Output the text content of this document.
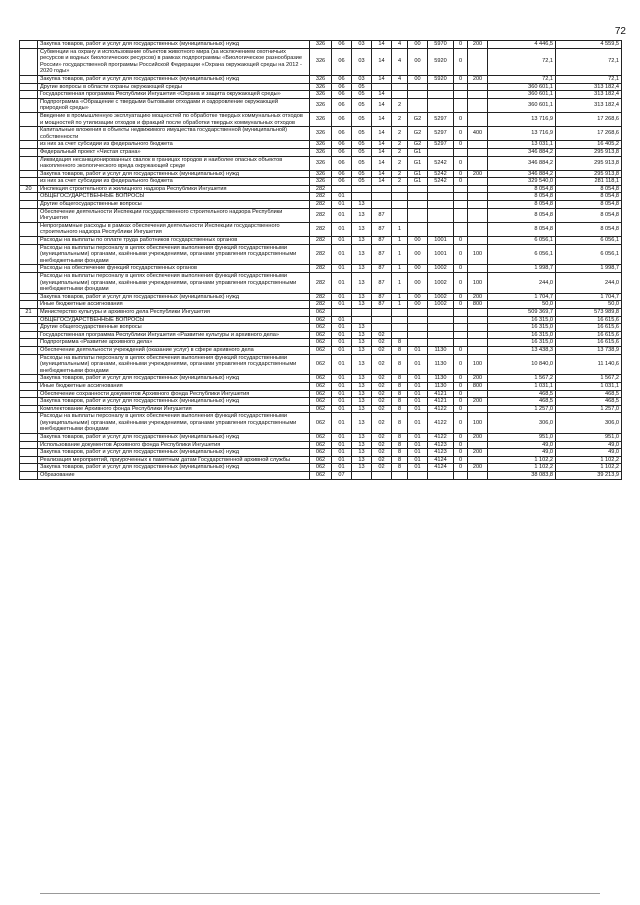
72
	Закупка товаров, работ и услуг для государственных (муниципальных) нужд	326	06	03	14	4	00	5970	0	200	4 446,5	4 559,5
	Субвенции на охрану и использование объектов животного мира (за исключением охотничьих ресурсов и водных биологических ресурсов) в рамках подпрограммы «Биологическое разнообразие России» государственной программы Российской Федерации «Охрана окружающей среды на 2012 - 2020 годы»	326	06	03	14	4	00	5920	0		72,1	72,1
	Закупка товаров, работ и услуг для государственных (муниципальных) нужд	326	06	03	14	4	00	5920	0	200	72,1	72,1
	Другие вопросы в области охраны окружающей среды	326	06	05							360 601,1	313 182,4
	Государственная программа Республики Ингушетия «Охрана и защита окружающей среды»	326	06	05	14						360 601,1	313 182,4
	Подпрограмма «Обращение с твердыми бытовыми отходами и оздоровление окружающей природной среды»	326	06	05	14	2					360 601,1	313 182,4
	Введение в промышленную эксплуатацию мощностей по обработке твердых коммунальных отходов и мощностей по утилизации отходов и фракций после обработки твердых коммунальных отходов	326	06	05	14	2	G2	5297	0		13 716,9	17 268,6
	Капитальные вложения в объекты недвижимого имущества государственной (муниципальной) собственности	326	06	05	14	2	G2	5297	0	400	13 716,9	17 268,6
	из них за счет субсидии из федерального бюджета	326	06	05	14	2	G2	5297	0		13 031,1	16 405,2
	Федеральный проект «Чистая страна»	326	06	05	14	2	G1				346 884,2	295 913,8
	Ликвидация несанкционированных свалок в границах городов и наиболее опасных объектов накопленного экологического вреда окружающей среде	326	06	05	14	2	G1	5242	0		346 884,2	295 913,8
	Закупка товаров, работ и услуг для государственных (муниципальных) нужд	326	06	05	14	2	G1	5242	0	200	346 884,2	295 913,8
	из них за счет субсидии из федерального бюджета	326	06	05	14	2	G1	5242	0		329 540,0	281 118,1
20	Инспекция строительного и жилищного надзора Республики Ингушетия	282									8 054,8	8 054,8
	ОБЩЕГОСУДАРСТВЕННЫЕ ВОПРОСЫ	282	01								8 054,8	8 054,8
	Другие общегосударственные вопросы	282	01	13							8 054,8	8 054,8
	Обеспечение деятельности Инспекции государственного строительного надзора Республики Ингушетия	282	01	13	87						8 054,8	8 054,8
	Непрограммные расходы в рамках обеспечения деятельности Инспекции государственного строительного надзора Республики Ингушетия	282	01	13	87	1					8 054,8	8 054,8
	Расходы на выплаты по оплате труда работников государственных органов	282	01	13	87	1	00	1001	0		6 056,1	6 056,1
	Расходы на выплаты персоналу в целях обеспечения выполнения функций государственными (муниципальными) органами, казёнными учреждениями, органами управления государственными внебюджетными фондами	282	01	13	87	1	00	1001	0	100	6 056,1	6 056,1
	Расходы на обеспечение функций государственных органов	282	01	13	87	1	00	1002	0		1 998,7	1 998,7
	Расходы на выплаты персоналу в целях обеспечения выполнения функций государственными (муниципальными) органами, казёнными учреждениями, органами управления государственными внебюджетными фондами	282	01	13	87	1	00	1002	0	100	244,0	244,0
	Закупка товаров, работ и услуг для государственных (муниципальных) нужд	282	01	13	87	1	00	1002	0	200	1 704,7	1 704,7
	Иные бюджетные ассигнования	282	01	13	87	1	00	1002	0	800	50,0	50,0
21	Министерство культуры и архивного дела Республики Ингушетия	062									509 369,7	573 989,8
	ОБЩЕГОСУДАРСТВЕННЫЕ ВОПРОСЫ	062	01								16 315,0	16 615,6
	Другие общегосударственные вопросы	062	01	13							16 315,0	16 615,6
	Государственная программа Республики Ингушетия «Развитие культуры и архивного дела»	062	01	13	02						16 315,0	16 615,6
	Подпрограмма «Развитие архивного дела»	062	01	13	02	8					16 315,0	16 615,6
	Обеспечение деятельности учреждений (оказание услуг) в сфере архивного дела	062	01	13	02	8	01	1130	0		13 438,3	13 738,9
	Расходы на выплаты персоналу в целях обеспечения выполнения функций государственными (муниципальными) органами, казёнными учреждениями, органами управления государственными внебюджетными фондами	062	01	13	02	8	01	1130	0	100	10 840,0	11 140,6
	Закупка товаров, работ и услуг для государственных (муниципальных) нужд	062	01	13	02	8	01	1130	0	200	1 567,2	1 567,2
	Иные бюджетные ассигнования	062	01	13	02	8	01	1130	0	800	1 031,1	1 031,1
	Обеспечение сохранности документов Архивного фонда Республики Ингушетия	062	01	13	02	8	01	4121	0		468,5	468,5
	Закупка товаров, работ и услуг для государственных (муниципальных) нужд	062	01	13	02	8	01	4121	0	200	468,5	468,5
	Комплектование Архивного фонда Республики Ингушетия	062	01	13	02	8	01	4122	0		1 257,0	1 257,0
	Расходы на выплаты персоналу в целях обеспечения выполнения функций государственными (муниципальными) органами, казёнными учреждениями, органами управления государственными внебюджетными фондами	062	01	13	02	8	01	4122	0	100	306,0	306,0
	Закупка товаров, работ и услуг для государственных (муниципальных) нужд	062	01	13	02	8	01	4122	0	200	951,0	951,0
	Использование документов Архивного фонда Республики Ингушетия	062	01	13	02	8	01	4123	0		49,0	49,0
	Закупка товаров, работ и услуг для государственных (муниципальных) нужд	062	01	13	02	8	01	4123	0	200	49,0	49,0
	Реализация мероприятий, приуроченных к памятным датам Государственной архивной службы	062	01	13	02	8	01	4124	0		1 102,2	1 102,2
	Закупка товаров, работ и услуг для государственных (муниципальных) нужд	062	01	13	02	8	01	4124	0	200	1 102,2	1 102,2
	Образование	062	07								38 083,8	39 213,9
